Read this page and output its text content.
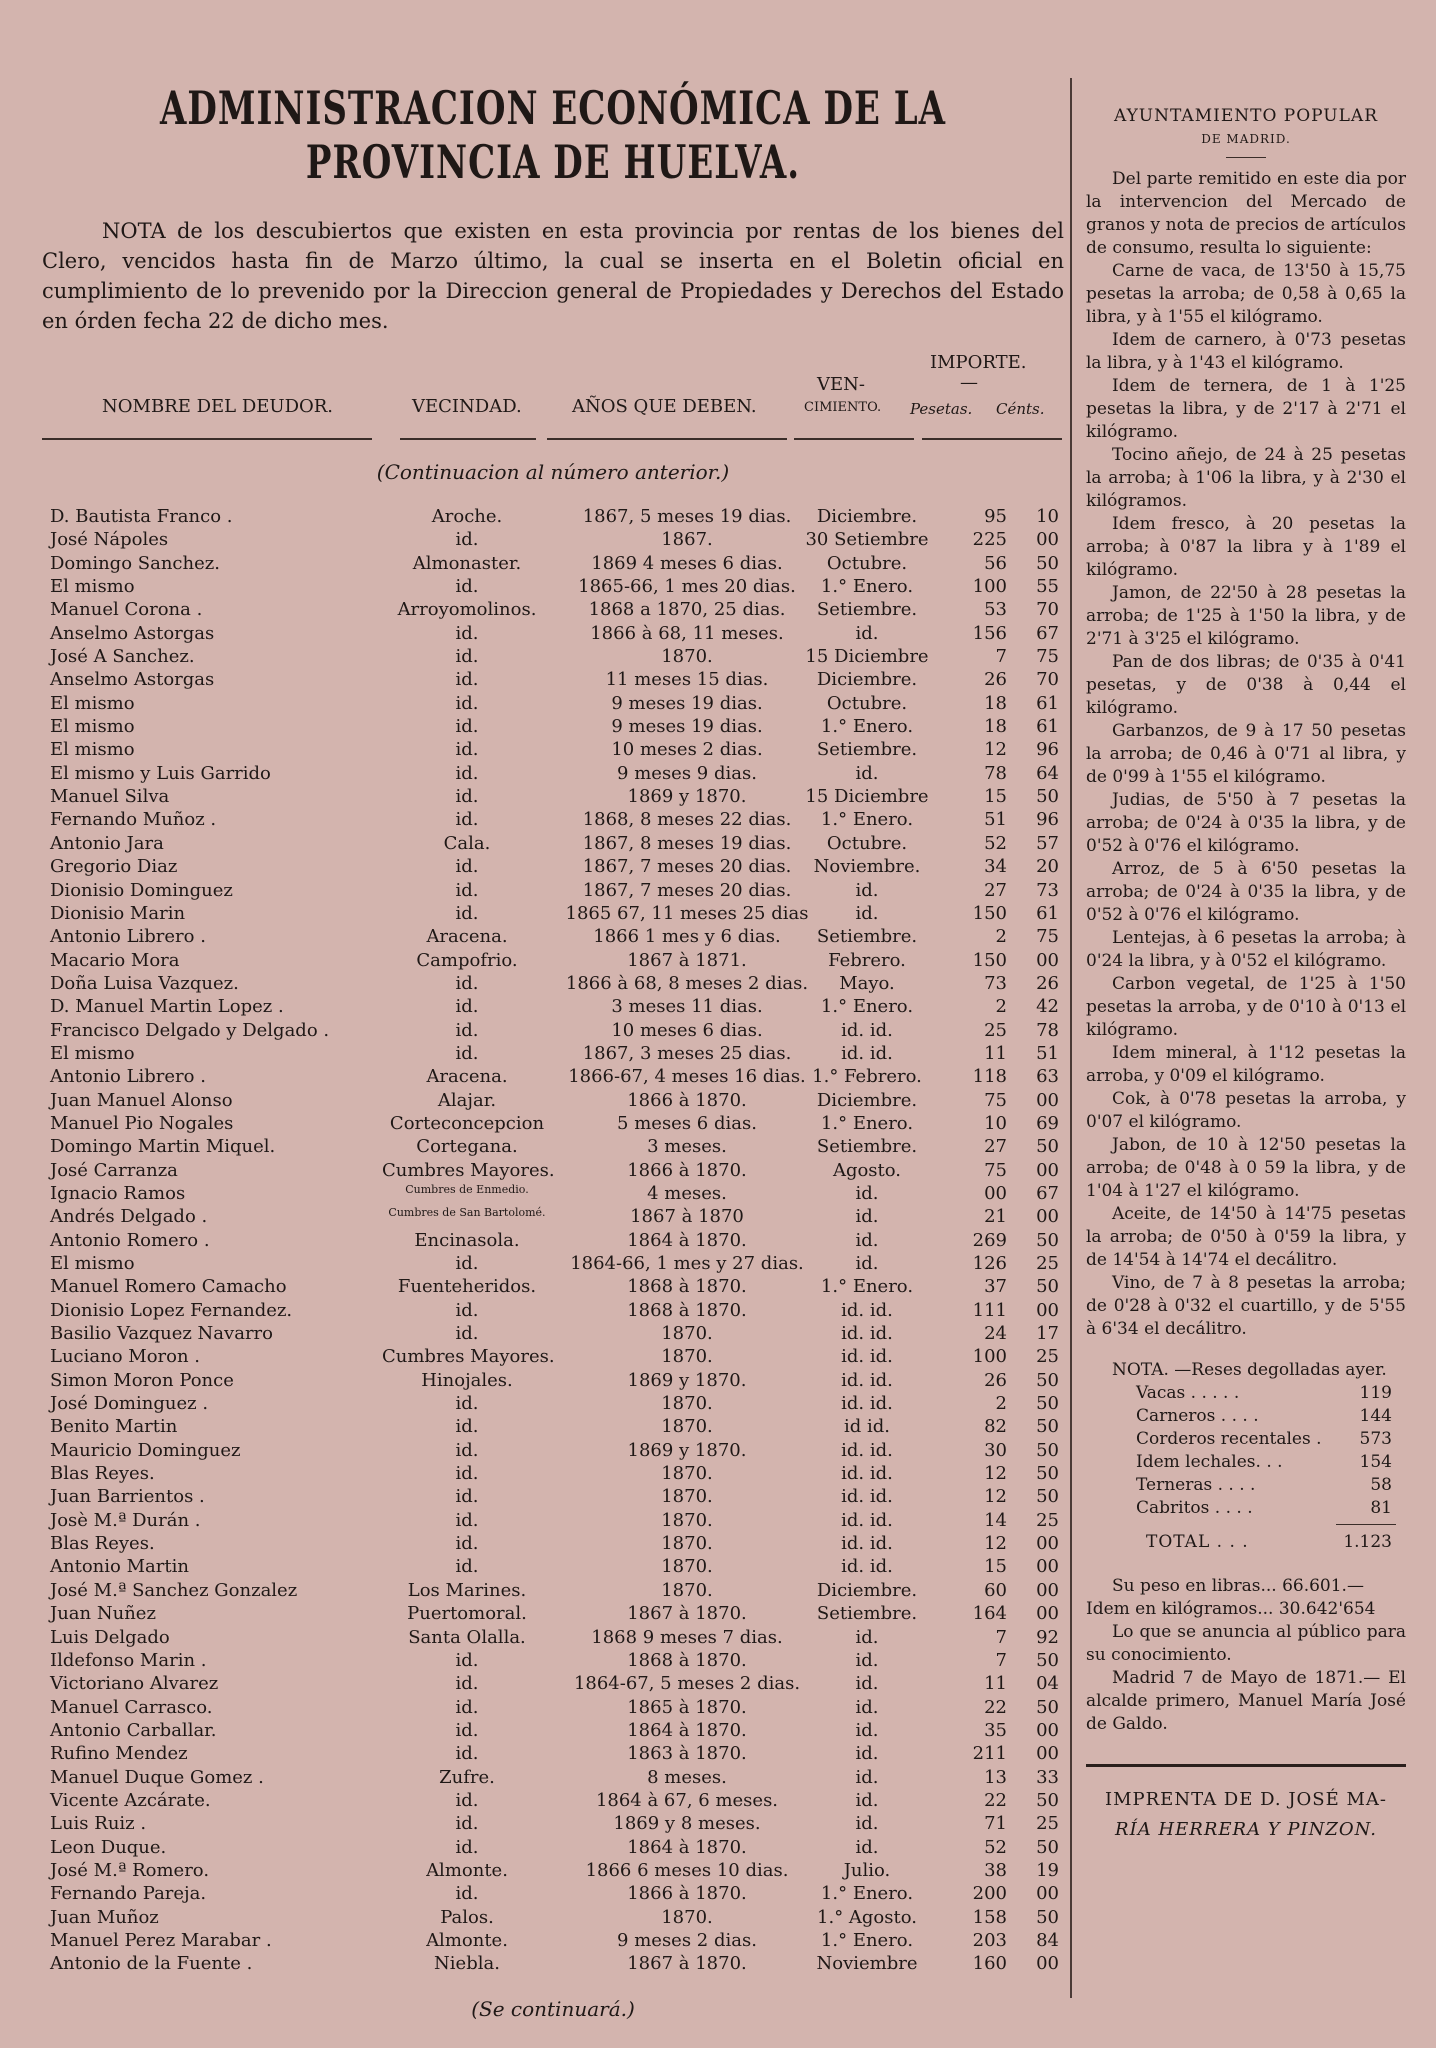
ADMINISTRACION ECONÓMICA DE LA PROVINCIA DE HUELVA.

NOTA de los descubiertos que existen en esta provincia por rentas de los bienes del Clero, vencidos hasta fin de Marzo último, la cual se inserta en el Boletin oficial en cumplimiento de lo prevenido por la Direccion general de Propiedades y Derechos del Estado en órden fecha 22 de dicho mes.

NOMBRE DEL DEUDOR.	VECINDAD.	AÑOS QUE DEBEN.
VEN-
CIMIENTO.
IMPORTE.
—
Pesetas. Cénts.
(Continuacion al número anterior.)
D. Bautista Franco .	Aroche.	1867, 5 meses 19 dias.	Diciembre.	95	10
José Nápoles	id.	1867.	30 Setiembre	225	00
Domingo Sanchez.	Almonaster.	1869 4 meses 6 dias.	Octubre.	56	50
El mismo	id.	1865-66, 1 mes 20 dias.	1.° Enero.	100	55
Manuel Corona .	Arroyomolinos.	1868 a 1870, 25 dias.	Setiembre.	53	70
Anselmo Astorgas	id.	1866 à 68, 11 meses.	id.	156	67
José A Sanchez.	id.	1870.	15 Diciembre	7	75
Anselmo Astorgas	id.	11 meses 15 dias.	Diciembre.	26	70
El mismo	id.	9 meses 19 dias.	Octubre.	18	61
El mismo	id.	9 meses 19 dias.	1.° Enero.	18	61
El mismo	id.	10 meses 2 dias.	Setiembre.	12	96
El mismo y Luis Garrido	id.	9 meses 9 dias.	id.	78	64
Manuel Silva	id.	1869 y 1870.	15 Diciembre	15	50
Fernando Muñoz .	id.	1868, 8 meses 22 dias.	1.° Enero.	51	96
Antonio Jara	Cala.	1867, 8 meses 19 dias.	Octubre.	52	57
Gregorio Diaz	id.	1867, 7 meses 20 dias.	Noviembre.	34	20
Dionisio Dominguez	id.	1867, 7 meses 20 dias.	id.	27	73
Dionisio Marin	id.	1865 67, 11 meses 25 dias	id.	150	61
Antonio Librero .	Aracena.	1866 1 mes y 6 dias.	Setiembre.	2	75
Macario Mora	Campofrio.	1867 à 1871.	Febrero.	150	00
Doña Luisa Vazquez.	id.	1866 à 68, 8 meses 2 dias.	Mayo.	73	26
D. Manuel Martin Lopez .	id.	3 meses 11 dias.	1.° Enero.	2	42
Francisco Delgado y Delgado .	id.	10 meses 6 dias.	id. id.	25	78
El mismo	id.	1867, 3 meses 25 dias.	id. id.	11	51
Antonio Librero .	Aracena.	1866-67, 4 meses 16 dias. 1.° Febrero.	118	63
Juan Manuel Alonso	Alajar.	1866 à 1870.	Diciembre.	75	00
Manuel Pio Nogales	Corteconcepcion	5 meses 6 dias.	1.° Enero.	10	69
Domingo Martin Miquel.	Cortegana.	3 meses.	Setiembre.	27	50
José Carranza	Cumbres Mayores.	1866 à 1870.	Agosto.	75	00
Ignacio Ramos	Cumbres de Enmedio.	4 meses.	id.	00	67
Andrés Delgado .	Cumbres de San Bartolomé.	1867 à 1870	id.	21	00
Antonio Romero .	Encinasola.	1864 à 1870.	id.	269	50
El mismo	id.	1864-66, 1 mes y 27 dias.	id.	126	25
Manuel Romero Camacho	Fuenteheridos.	1868 à 1870.	1.° Enero.	37	50
Dionisio Lopez Fernandez.	id.	1868 à 1870.	id. id.	111	00
Basilio Vazquez Navarro	id.	1870.	id. id.	24	17
Luciano Moron .	Cumbres Mayores.	1870.	id. id.	100	25
Simon Moron Ponce	Hinojales.	1869 y 1870.	id. id.	26	50
José Dominguez .	id.	1870.	id. id.	2	50
Benito Martin	id.	1870.	id id.	82	50
Mauricio Dominguez	id.	1869 y 1870.	id. id.	30	50
Blas Reyes.	id.	1870.	id. id.	12	50
Juan Barrientos .	id.	1870.	id. id.	12	50
Josè M.ª Durán .	id.	1870.	id. id.	14	25
Blas Reyes.	id.	1870.	id. id.	12	00
Antonio Martin	id.	1870.	id. id.	15	00
José M.ª Sanchez Gonzalez	Los Marines.	1870.	Diciembre.	60	00
Juan Nuñez	Puertomoral.	1867 à 1870.	Setiembre.	164	00
Luis Delgado	Santa Olalla.	1868 9 meses 7 dias.	id.	7	92
Ildefonso Marin .	id.	1868 à 1870.	id.	7	50
Victoriano Alvarez	id.	1864-67, 5 meses 2 dias.	id.	11	04
Manuel Carrasco.	id.	1865 à 1870.	id.	22	50
Antonio Carballar.	id.	1864 à 1870.	id.	35	00
Rufino Mendez	id.	1863 à 1870.	id.	211	00
Manuel Duque Gomez .	Zufre.	8 meses.	id.	13	33
Vicente Azcárate.	id.	1864 à 67, 6 meses.	id.	22	50
Luis Ruiz .	id.	1869 y 8 meses.	id.	71	25
Leon Duque.	id.	1864 à 1870.	id.	52	50
José M.ª Romero.	Almonte.	1866 6 meses 10 dias.	Julio.	38	19
Fernando Pareja.	id.	1866 à 1870.	1.° Enero.	200	00
Juan Muñoz	Palos.	1870.	1.° Agosto.	158	50
Manuel Perez Marabar .	Almonte.	9 meses 2 dias.	1.° Enero.	203	84
Antonio de la Fuente .	Niebla.	1867 à 1870.	Noviembre	160	00
(Se continuará.)
AYUNTAMIENTO POPULAR
DE MADRID.

Del parte remitido en este dia por la intervencion del Mercado de granos y nota de precios de artículos de consumo, resulta lo siguiente:

Carne de vaca, de 13'50 à 15,75 pesetas la arroba; de 0,58 à 0,65 la libra, y à 1'55 el kilógramo.

Idem de carnero, à 0'73 pesetas la libra, y à 1'43 el kilógramo.

Idem de ternera, de 1 à 1'25 pesetas la libra, y de 2'17 à 2'71 el kilógramo.

Tocino añejo, de 24 à 25 pesetas la arroba; à 1'06 la libra, y à 2'30 el kilógramos.

Idem fresco, à 20 pesetas la arroba; à 0'87 la libra y à 1'89 el kilógramo.

Jamon, de 22'50 à 28 pesetas la arroba; de 1'25 à 1'50 la libra, y de 2'71 à 3'25 el kilógramo.

Pan de dos libras; de 0'35 à 0'41 pesetas, y de 0'38 à 0,44 el kilógramo.

Garbanzos, de 9 à 17 50 pesetas la arroba; de 0,46 à 0'71 al libra, y de 0'99 à 1'55 el kilógramo.

Judias, de 5'50 à 7 pesetas la arroba; de 0'24 à 0'35 la libra, y de 0'52 à 0'76 el kilógramo.

Arroz, de 5 à 6'50 pesetas la arroba; de 0'24 à 0'35 la libra, y de 0'52 à 0'76 el kilógramo.

Lentejas, à 6 pesetas la arroba; à 0'24 la libra, y à 0'52 el kilógramo.

Carbon vegetal, de 1'25 à 1'50 pesetas la arroba, y de 0'10 à 0'13 el kilógramo.

Idem mineral, à 1'12 pesetas la arroba, y 0'09 el kilógramo.

Cok, à 0'78 pesetas la arroba, y 0'07 el kilógramo.

Jabon, de 10 à 12'50 pesetas la arroba; de 0'48 à 0 59 la libra, y de 1'04 à 1'27 el kilógramo.

Aceite, de 14'50 à 14'75 pesetas la arroba; de 0'50 à 0'59 la libra, y de 14'54 à 14'74 el decálitro.

Vino, de 7 à 8 pesetas la arroba; de 0'28 à 0'32 el cuartillo, y de 5'55 à 6'34 el decálitro.

NOTA. —Reses degolladas ayer.
Vacas . . . . .	119
Carneros . . . .	144
Corderos recentales . 573
Idem lechales. . .	154
Terneras . . . .	58
Cabritos . . . .	81
TOTAL . . .	1.123

Su peso en libras... 66.601.—

Idem en kilógramos... 30.642'654

Lo que se anuncia al público para su conocimiento.

Madrid 7 de Mayo de 1871.— El alcalde primero, Manuel María José de Galdo.

IMPRENTA DE D. JOSÉ MA-
RÍA HERRERA Y PINZON.
